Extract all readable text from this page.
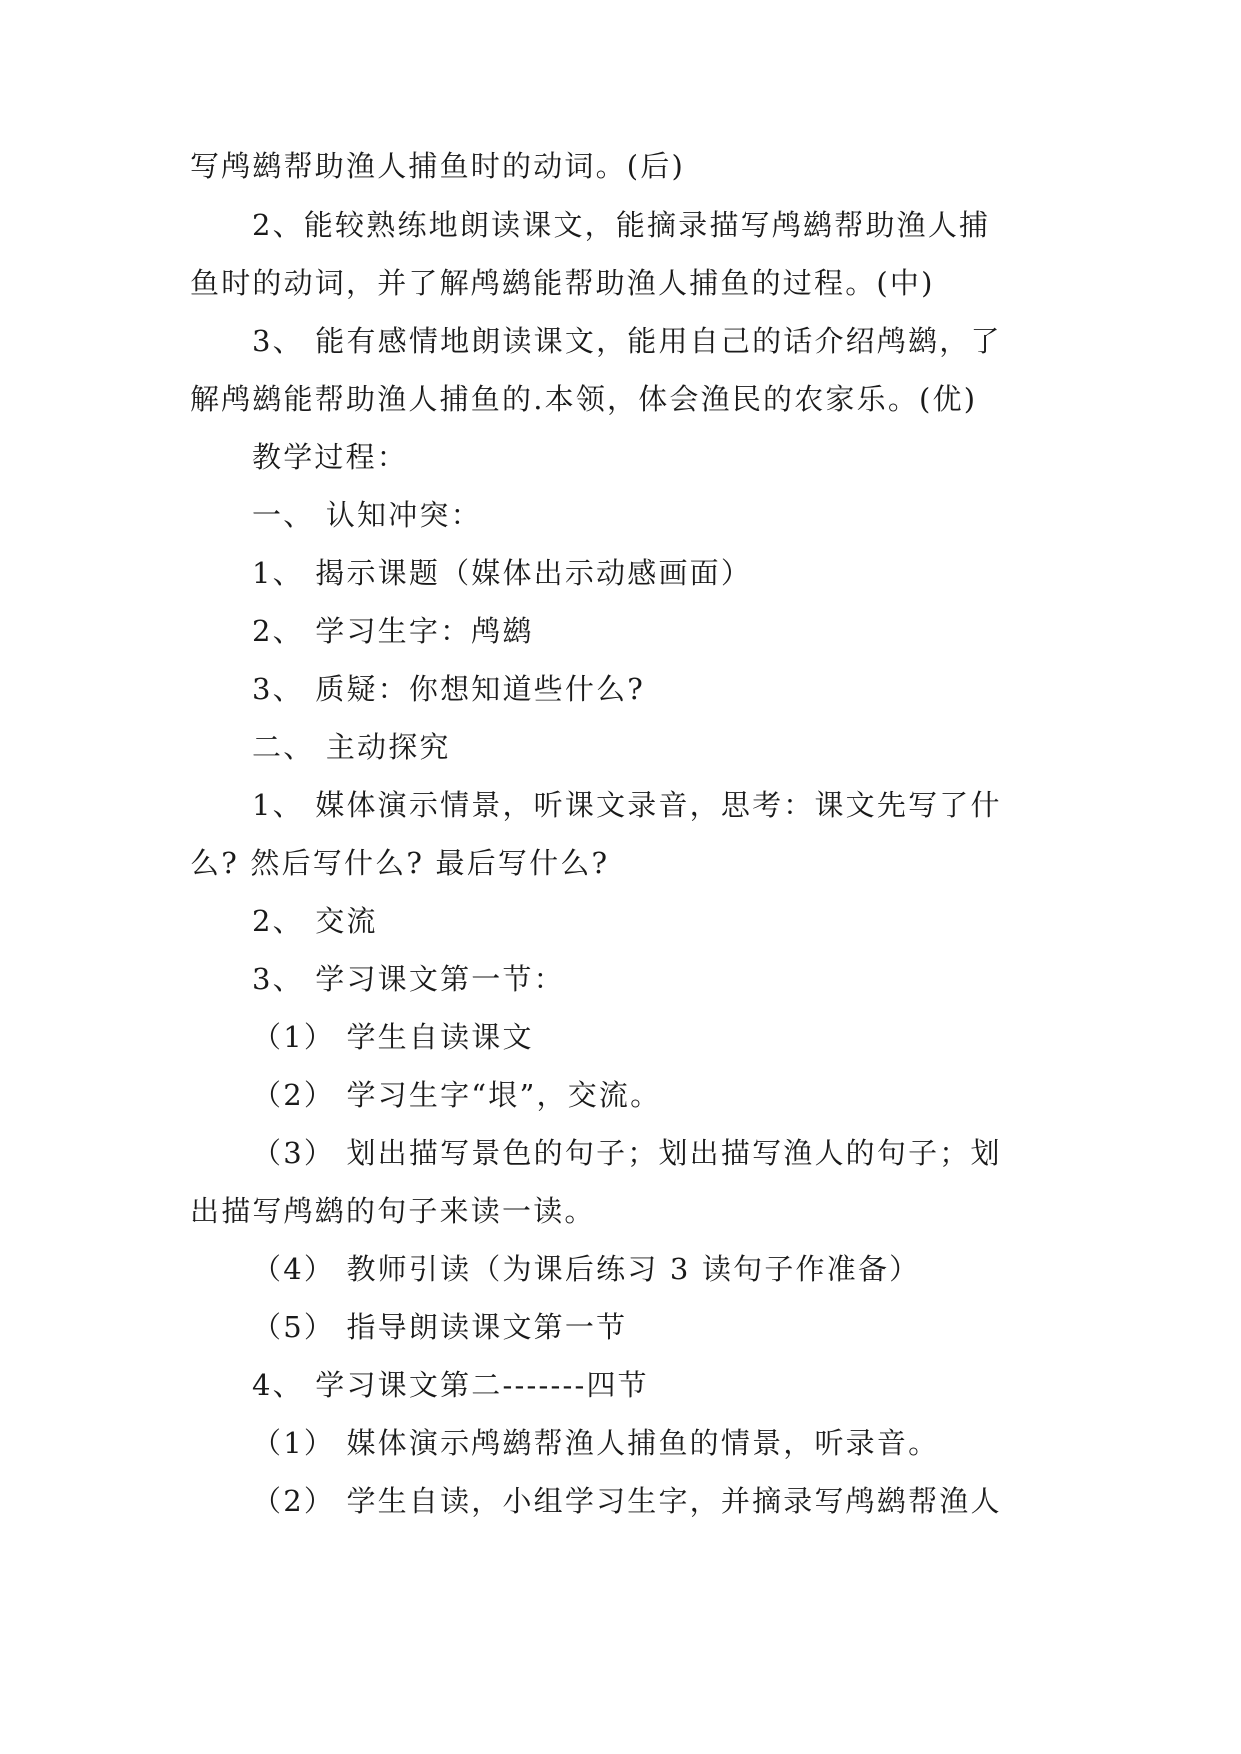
写鸬鹚帮助渔人捕鱼时的动词。(后)
2、能较熟练地朗读课文，能摘录描写鸬鹚帮助渔人捕
鱼时的动词，并了解鸬鹚能帮助渔人捕鱼的过程。(中)
3、 能有感情地朗读课文，能用自己的话介绍鸬鹚，了
解鸬鹚能帮助渔人捕鱼的.本领，体会渔民的农家乐。(优)
教学过程：
一、 认知冲突：
1、 揭示课题（媒体出示动感画面）
2、 学习生字：鸬鹚
3、 质疑：你想知道些什么?
二、 主动探究
1、 媒体演示情景，听课文录音，思考：课文先写了什
么? 然后写什么? 最后写什么?
2、 交流
3、 学习课文第一节：
（1） 学生自读课文
（2） 学习生字“垠”，交流。
（3） 划出描写景色的句子；划出描写渔人的句子；划
出描写鸬鹚的句子来读一读。
（4） 教师引读（为课后练习 3 读句子作准备）
（5） 指导朗读课文第一节
4、 学习课文第二-------四节
（1） 媒体演示鸬鹚帮渔人捕鱼的情景，听录音。
（2） 学生自读，小组学习生字，并摘录写鸬鹚帮渔人
